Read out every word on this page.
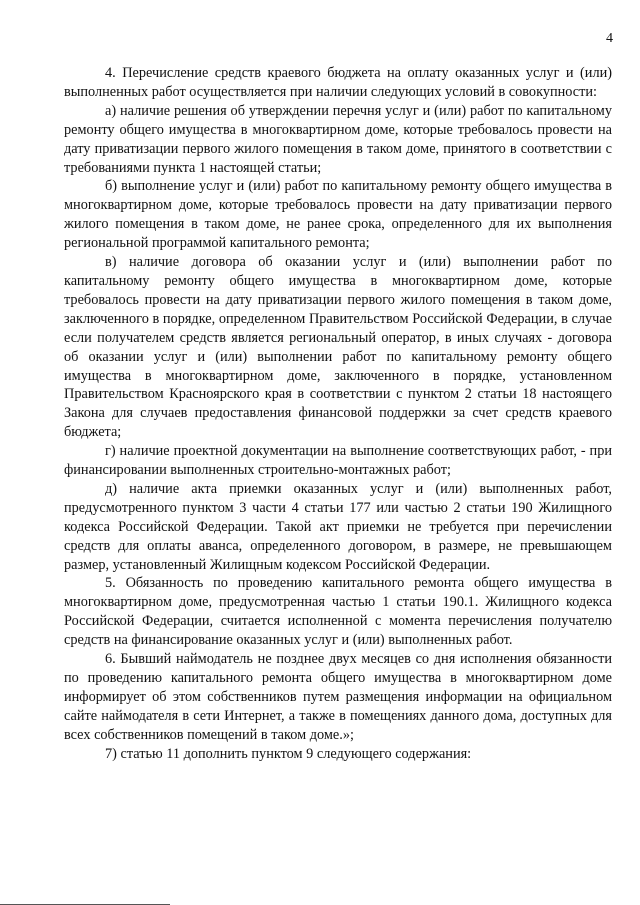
4

4. Перечисление средств краевого бюджета на оплату оказанных услуг и (или) выполненных работ осуществляется при наличии следующих условий в совокупности:

а) наличие решения об утверждении перечня услуг и (или) работ по капитальному ремонту общего имущества в многоквартирном доме, которые требовалось провести на дату приватизации первого жилого помещения в таком доме, принятого в соответствии с требованиями пункта 1 настоящей статьи;

б) выполнение услуг и (или) работ по капитальному ремонту общего имущества в многоквартирном доме, которые требовалось провести на дату приватизации первого жилого помещения в таком доме, не ранее срока, определенного для их выполнения региональной программой капитального ремонта;

в) наличие договора об оказании услуг и (или) выполнении работ по капитальному ремонту общего имущества в многоквартирном доме, которые требовалось провести на дату приватизации первого жилого помещения в таком доме, заключенного в порядке, определенном Правительством Российской Федерации, в случае если получателем средств является региональный оператор, в иных случаях - договора об оказании услуг и (или) выполнении работ по капитальному ремонту общего имущества в многоквартирном доме, заключенного в порядке, установленном Правительством Красноярского края в соответствии с пунктом 2 статьи 18 настоящего Закона для случаев предоставления финансовой поддержки за счет средств краевого бюджета;

г) наличие проектной документации на выполнение соответствующих работ, - при финансировании выполненных строительно-монтажных работ;

д) наличие акта приемки оказанных услуг и (или) выполненных работ, предусмотренного пунктом 3 части 4 статьи 177 или частью 2 статьи 190 Жилищного кодекса Российской Федерации. Такой акт приемки не требуется при перечислении средств для оплаты аванса, определенного договором, в размере, не превышающем размер, установленный Жилищным кодексом Российской Федерации.

5. Обязанность по проведению капитального ремонта общего имущества в многоквартирном доме, предусмотренная частью 1 статьи 190.1. Жилищного кодекса Российской Федерации, считается исполненной с момента перечисления получателю средств на финансирование оказанных услуг и (или) выполненных работ.

6. Бывший наймодатель не позднее двух месяцев со дня исполнения обязанности по проведению капитального ремонта общего имущества в многоквартирном доме информирует об этом собственников путем размещения информации на официальном сайте наймодателя в сети Интернет, а также в помещениях данного дома, доступных для всех собственников помещений в таком доме.»;

7) статью 11 дополнить пунктом 9 следующего содержания:
